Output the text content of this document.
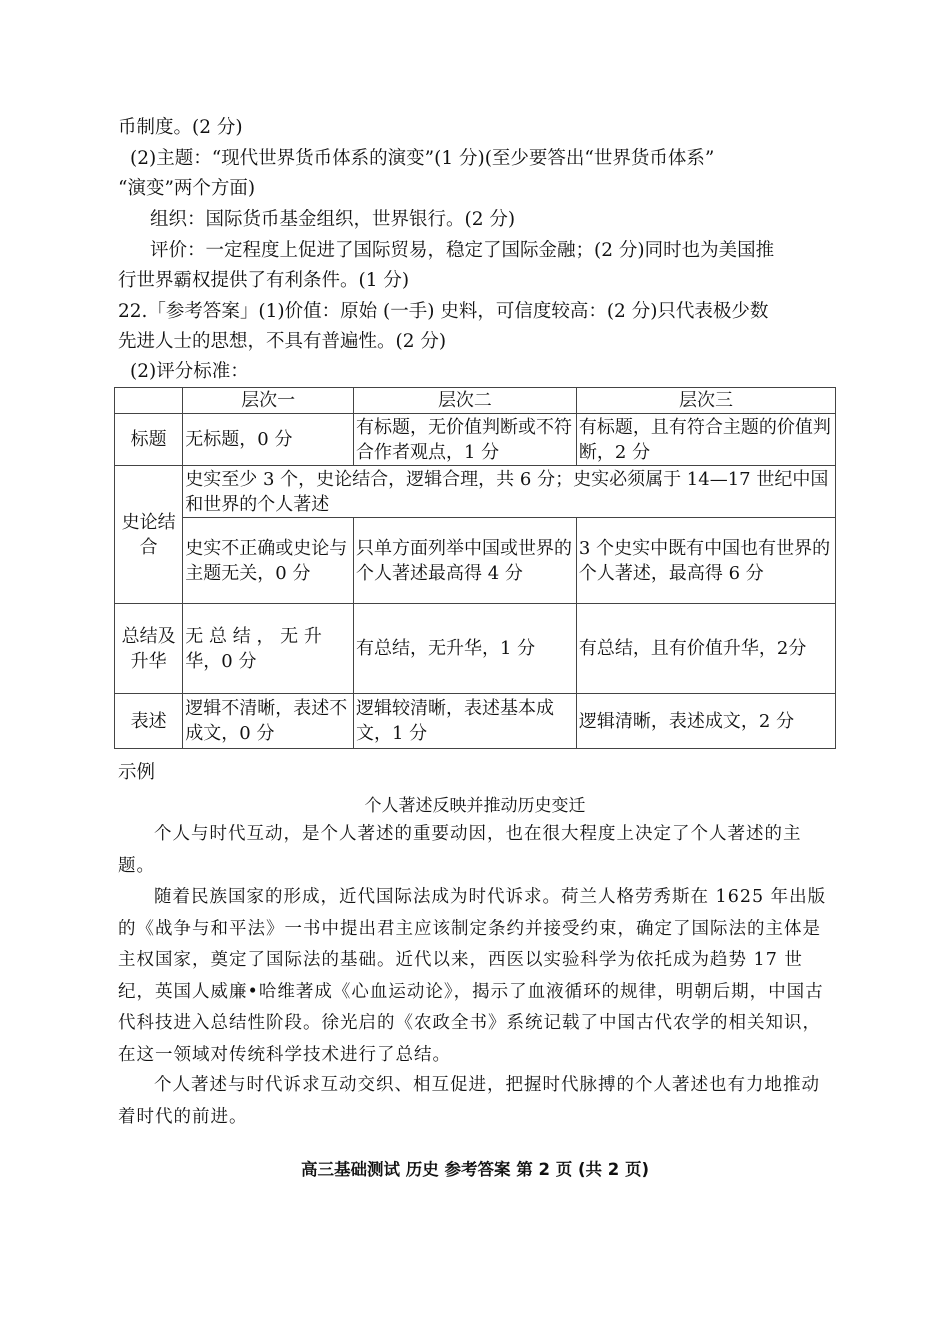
币制度。(2 分)
(2)主题：“现代世界货币体系的演变”(1 分)(至少要答出“世界货币体系”
“演变”两个方面)
组织：国际货币基金组织，世界银行。(2 分)
评价：一定程度上促进了国际贸易，稳定了国际金融；(2 分)同时也为美国推
行世界霸权提供了有利条件。(1 分)
22.「参考答案」(1)价值：原始 (一手) 史料，可信度较高：(2 分)只代表极少数
先进人士的思想，不具有普遍性。(2 分)
(2)评分标准：
	层次一	层次二	层次三
标题	无标题，0 分	有标题，无价值判断或不符合作者观点，1 分	有标题，且有符合主题的价值判断，2 分
史论结合	史实至少 3 个，史论结合，逻辑合理，共 6 分；史实必须属于 14—17 世纪中国和世界的个人著述		
	史实不正确或史论与主题无关，0 分	只单方面列举中国或世界的个人著述最高得 4 分	3 个史实中既有中国也有世界的个人著述，最高得 6 分
总结及升华	无 总 结 ， 无 升华，0 分	有总结，无升华，1 分	有总结，且有价值升华，2分
表述	逻辑不清晰，表述不成文，0 分	逻辑较清晰，表述基本成文，1 分	逻辑清晰，表述成文，2 分
示例
个人著述反映并推动历史变迁
个人与时代互动，是个人著述的重要动因，也在很大程度上决定了个人著述的主题。
随着民族国家的形成，近代国际法成为时代诉求。荷兰人格劳秀斯在 1625 年出版的《战争与和平法》一书中提出君主应该制定条约并接受约束，确定了国际法的主体是主权国家，奠定了国际法的基础。近代以来，西医以实验科学为依托成为趋势 17 世纪，英国人威廉•哈维著成《心血运动论》，揭示了血液循环的规律，明朝后期，中国古代科技进入总结性阶段。徐光启的《农政全书》系统记载了中国古代农学的相关知识，在这一领域对传统科学技术进行了总结。
个人著述与时代诉求互动交织、相互促进，把握时代脉搏的个人著述也有力地推动着时代的前进。
高三基础测试 历史 参考答案 第 2 页 (共 2 页)
